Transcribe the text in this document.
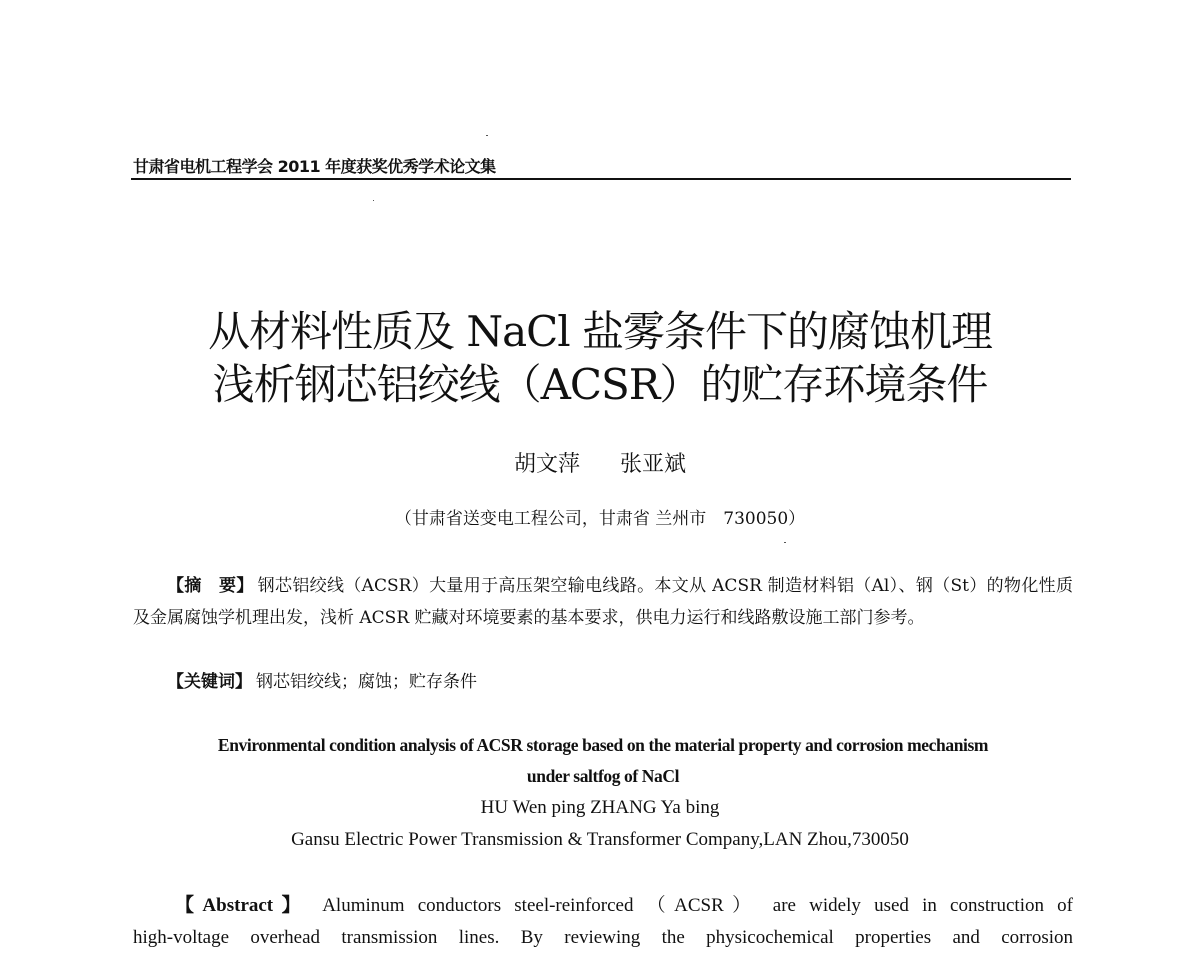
甘肃省电机工程学会 2011 年度获奖优秀学术论文集
从材料性质及 NaCl 盐雾条件下的腐蚀机理
浅析钢芯铝绞线（ACSR）的贮存环境条件
胡文萍 张亚斌
（甘肃省送变电工程公司，甘肃省 兰州市　730050）
【摘　要】 钢芯铝绞线（ACSR）大量用于高压架空输电线路。本文从 ACSR 制造材料铝（Al）、钢（St）的物化性质及金属腐蚀学机理出发，浅析 ACSR 贮藏对环境要素的基本要求，供电力运行和线路敷设施工部门参考。
【关键词】 钢芯铝绞线；腐蚀；贮存条件
Environmental condition analysis of ACSR storage based on the material property and corrosion mechanism
under saltfog of NaCl
HU Wen ping ZHANG Ya bing
Gansu Electric Power Transmission & Transformer Company,LAN Zhou,730050
【Abstract】 Aluminum conductors steel-reinforced （ACSR） are widely used in construction of
high-voltage overhead transmission lines. By reviewing the physicochemical properties and corrosion
